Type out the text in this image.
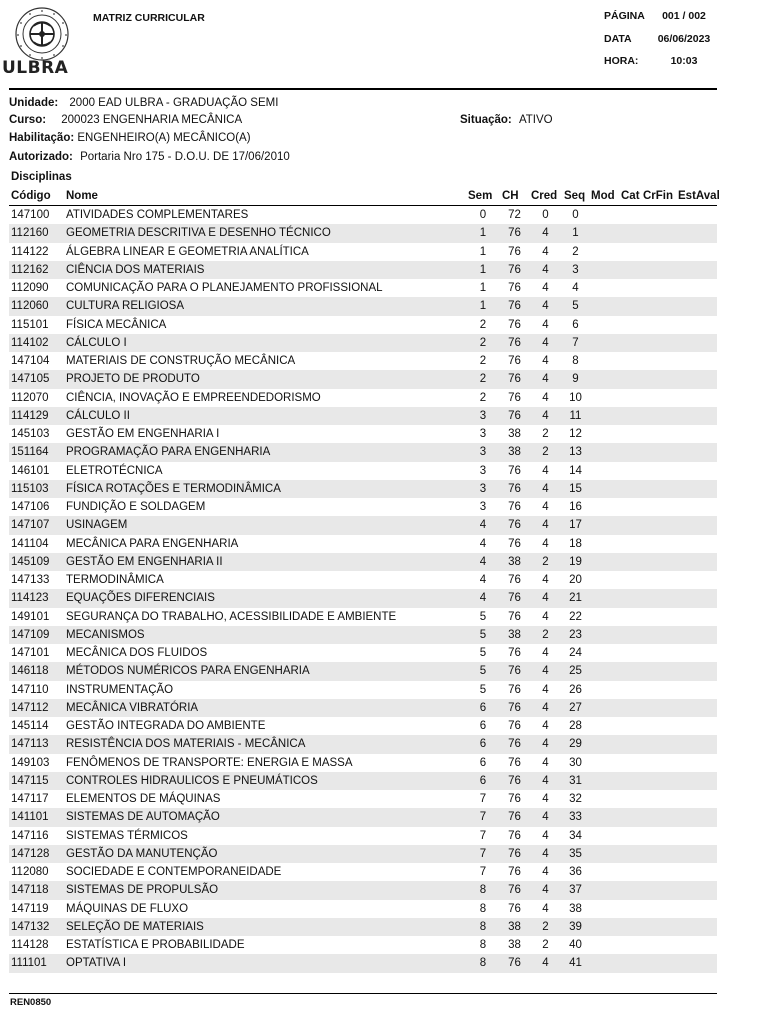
ULBRA
MATRIZ CURRICULAR	PÁGINA	001 / 002
DATA	06/06/2023
HORA:	10:03
Unidade: 2000 EAD ULBRA - GRADUAÇÃO SEMI
Curso: 200023 ENGENHARIA MECÂNICA	Situação: ATIVO
Habilitação: ENGENHEIRO(A) MECÂNICO(A)
Autorizado: Portaria Nro 175 - D.O.U. DE 17/06/2010
Disciplinas
Código	Nome	Sem	CH	Cred	Seq	Mod	Cat	CrFin	EstAval
147100	ATIVIDADES COMPLEMENTARES	0	72	0	0				
112160	GEOMETRIA DESCRITIVA E DESENHO TÉCNICO	1	76	4	1				
114122	ÁLGEBRA LINEAR E GEOMETRIA ANALÍTICA	1	76	4	2				
112162	CIÊNCIA DOS MATERIAIS	1	76	4	3				
112090	COMUNICAÇÃO PARA O PLANEJAMENTO PROFISSIONAL	1	76	4	4				
112060	CULTURA RELIGIOSA	1	76	4	5				
115101	FÍSICA MECÂNICA	2	76	4	6				
114102	CÁLCULO I	2	76	4	7				
147104	MATERIAIS DE CONSTRUÇÃO MECÂNICA	2	76	4	8				
147105	PROJETO DE PRODUTO	2	76	4	9				
112070	CIÊNCIA, INOVAÇÃO E EMPREENDEDORISMO	2	76	4	10				
114129	CÁLCULO II	3	76	4	11				
145103	GESTÃO EM ENGENHARIA I	3	38	2	12				
151164	PROGRAMAÇÃO PARA ENGENHARIA	3	38	2	13				
146101	ELETROTÉCNICA	3	76	4	14				
115103	FÍSICA ROTAÇÕES E TERMODINÂMICA	3	76	4	15				
147106	FUNDIÇÃO E SOLDAGEM	3	76	4	16				
147107	USINAGEM	4	76	4	17				
141104	MECÂNICA PARA ENGENHARIA	4	76	4	18				
145109	GESTÃO EM ENGENHARIA II	4	38	2	19				
147133	TERMODINÂMICA	4	76	4	20				
114123	EQUAÇÕES DIFERENCIAIS	4	76	4	21				
149101	SEGURANÇA DO TRABALHO, ACESSIBILIDADE E AMBIENTE	5	76	4	22				
147109	MECANISMOS	5	38	2	23				
147101	MECÂNICA DOS FLUIDOS	5	76	4	24				
146118	MÉTODOS NUMÉRICOS PARA ENGENHARIA	5	76	4	25				
147110	INSTRUMENTAÇÃO	5	76	4	26				
147112	MECÂNICA VIBRATÓRIA	6	76	4	27				
145114	GESTÃO INTEGRADA DO AMBIENTE	6	76	4	28				
147113	RESISTÊNCIA DOS MATERIAIS - MECÂNICA	6	76	4	29				
149103	FENÔMENOS DE TRANSPORTE: ENERGIA E MASSA	6	76	4	30				
147115	CONTROLES HIDRAULICOS E PNEUMÁTICOS	6	76	4	31				
147117	ELEMENTOS DE MÁQUINAS	7	76	4	32				
141101	SISTEMAS DE AUTOMAÇÃO	7	76	4	33				
147116	SISTEMAS TÉRMICOS	7	76	4	34				
147128	GESTÃO DA MANUTENÇÃO	7	76	4	35				
112080	SOCIEDADE E CONTEMPORANEIDADE	7	76	4	36				
147118	SISTEMAS DE PROPULSÃO	8	76	4	37				
147119	MÁQUINAS DE FLUXO	8	76	4	38				
147132	SELEÇÃO DE MATERIAIS	8	38	2	39				
114128	ESTATÍSTICA E PROBABILIDADE	8	38	2	40				
111101	OPTATIVA I	8	76	4	41				
REN0850
